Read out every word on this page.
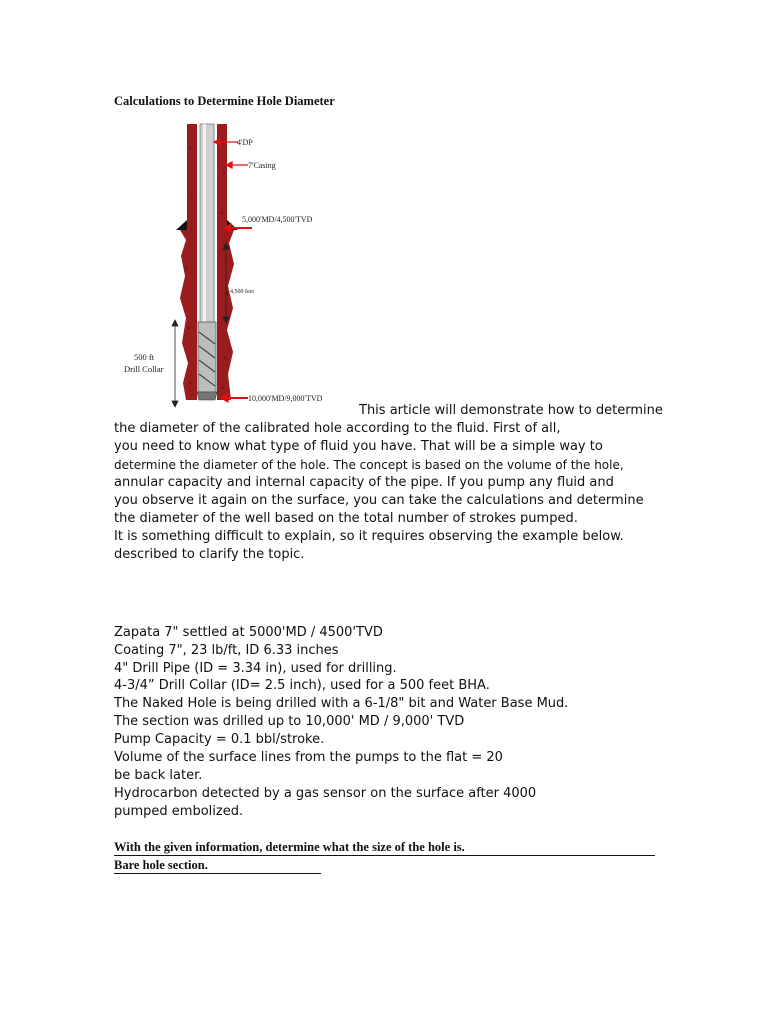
Calculations to Determine Hole Diameter
4'DP
7'Casing
5,000'MD/4,500'TVD
4,500 feet
500 ft
Drill Collar
10,000'MD/9,000'TVD
This article will demonstrate how to determine
the diameter of the calibrated hole according to the fluid. First of all,
you need to know what type of fluid you have. That will be a simple way to
determine the diameter of the hole. The concept is based on the volume of the hole,
annular capacity and internal capacity of the pipe. If you pump any fluid and
you observe it again on the surface, you can take the calculations and determine
the diameter of the well based on the total number of strokes pumped.
It is something difficult to explain, so it requires observing the example below.
described to clarify the topic.
Zapata 7" settled at 5000'MD / 4500'TVD
Coating 7", 23 lb/ft, ID 6.33 inches
4" Drill Pipe (ID = 3.34 in), used for drilling.
4-3/4” Drill Collar (ID= 2.5 inch), used for a 500 feet BHA.
The Naked Hole is being drilled with a 6-1/8" bit and Water Base Mud.
The section was drilled up to 10,000' MD / 9,000' TVD
Pump Capacity = 0.1 bbl/stroke.
Volume of the surface lines from the pumps to the flat = 20
be back later.
Hydrocarbon detected by a gas sensor on the surface after 4000
pumped embolized.
With the given information, determine what the size of the hole is.
Bare hole section.
